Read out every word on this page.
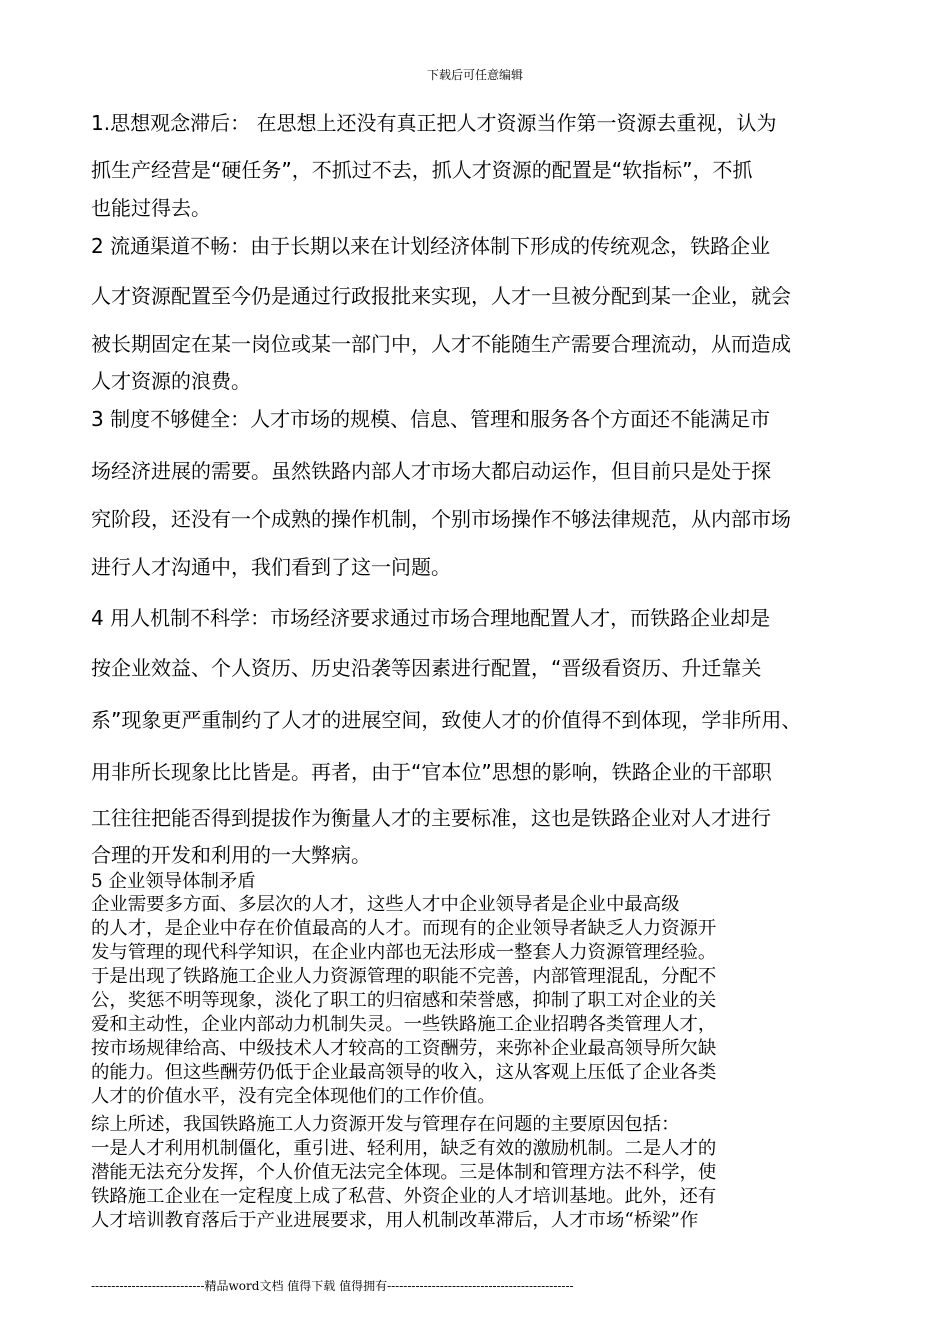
下载后可任意编辑
1.思想观念滞后： 在思想上还没有真正把人才资源当作第一资源去重视，认为
抓生产经营是“硬任务”，不抓过不去，抓人才资源的配置是“软指标”，不抓
也能过得去。
2 流通渠道不畅：由于长期以来在计划经济体制下形成的传统观念，铁路企业
人才资源配置至今仍是通过行政报批来实现，人才一旦被分配到某一企业，就会
被长期固定在某一岗位或某一部门中，人才不能随生产需要合理流动，从而造成
人才资源的浪费。
3 制度不够健全：人才市场的规模、信息、管理和服务各个方面还不能满足市
场经济进展的需要。虽然铁路内部人才市场大都启动运作，但目前只是处于探
究阶段，还没有一个成熟的操作机制，个别市场操作不够法律规范，从内部市场
进行人才沟通中，我们看到了这一问题。
4 用人机制不科学：市场经济要求通过市场合理地配置人才，而铁路企业却是
按企业效益、个人资历、历史沿袭等因素进行配置，“晋级看资历、升迁靠关
系”现象更严重制约了人才的进展空间，致使人才的价值得不到体现，学非所用、
用非所长现象比比皆是。再者，由于“官本位”思想的影响，铁路企业的干部职
工往往把能否得到提拔作为衡量人才的主要标准，这也是铁路企业对人才进行
合理的开发和利用的一大弊病。
5 企业领导体制矛盾
企业需要多方面、多层次的人才，这些人才中企业领导者是企业中最高级
的人才，是企业中存在价值最高的人才。而现有的企业领导者缺乏人力资源开
发与管理的现代科学知识，在企业内部也无法形成一整套人力资源管理经验。
于是出现了铁路施工企业人力资源管理的职能不完善，内部管理混乱，分配不
公，奖惩不明等现象，淡化了职工的归宿感和荣誉感，抑制了职工对企业的关
爱和主动性，企业内部动力机制失灵。一些铁路施工企业招聘各类管理人才，
按市场规律给高、中级技术人才较高的工资酬劳，来弥补企业最高领导所欠缺
的能力。但这些酬劳仍低于企业最高领导的收入，这从客观上压低了企业各类
人才的价值水平，没有完全体现他们的工作价值。
综上所述，我国铁路施工人力资源开发与管理存在问题的主要原因包括：
一是人才利用机制僵化，重引进、轻利用，缺乏有效的激励机制。二是人才的
潜能无法充分发挥，个人价值无法完全体现。三是体制和管理方法不科学，使
铁路施工企业在一定程度上成了私营、外资企业的人才培训基地。此外，还有
人才培训教育落后于产业进展要求，用人机制改革滞后，人才市场“桥梁”作
----------------------------精品word文档 值得下载 值得拥有----------------------------------------------
